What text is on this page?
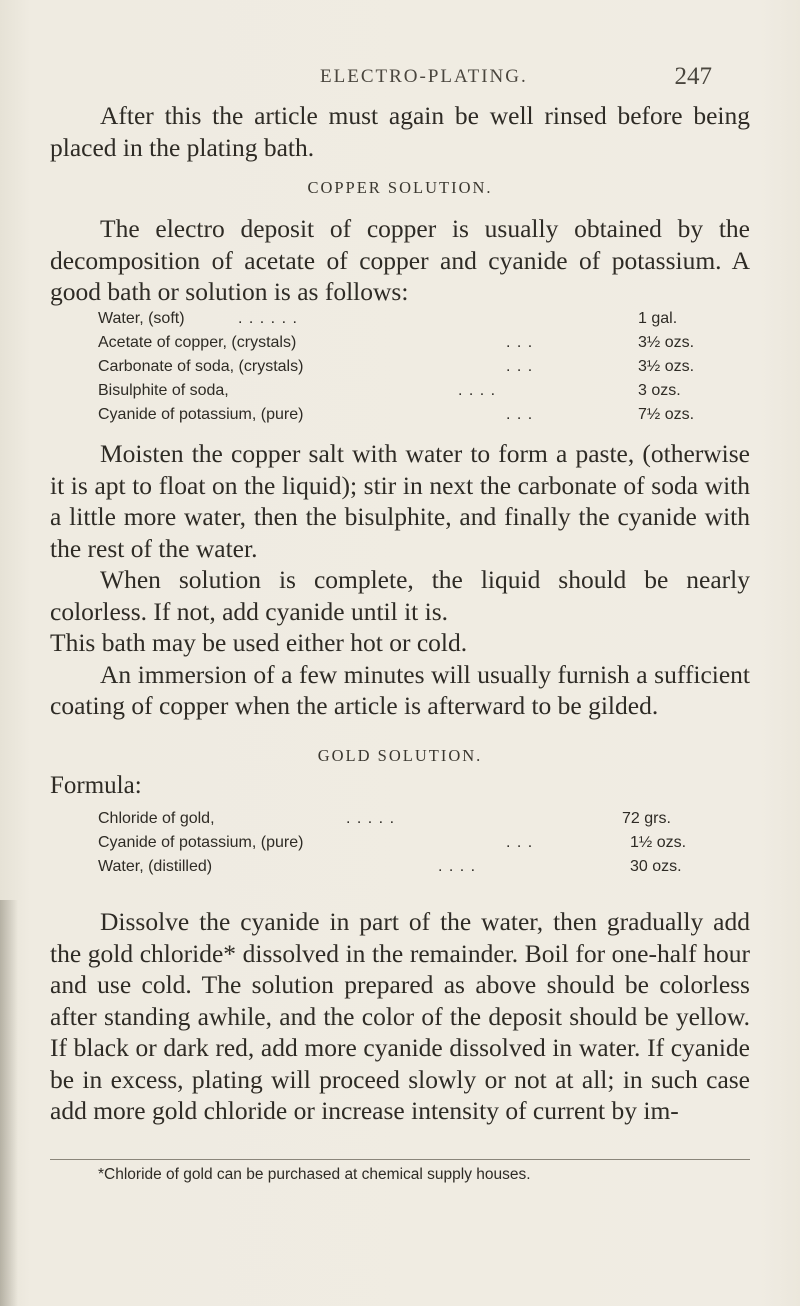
ELECTRO-PLATING.	247

After this the article must again be well rinsed before being placed in the plating bath.

COPPER SOLUTION.

The electro deposit of copper is usually obtained by the decomposition of acetate of copper and cyanide of potassium. A good bath or solution is as follows:

Water, (soft)	. . . . . .	1 gal.
Acetate of copper, (crystals)	. . .	3½ ozs.
Carbonate of soda, (crystals)	. . .	3½ ozs.
Bisulphite of soda,	. . . .	3 ozs.
Cyanide of potassium, (pure)	. . .	7½ ozs.

Moisten the copper salt with water to form a paste, (otherwise it is apt to float on the liquid); stir in next the carbonate of soda with a little more water, then the bisulphite, and finally the cyanide with the rest of the water.

When solution is complete, the liquid should be nearly colorless. If not, add cyanide until it is.

This bath may be used either hot or cold.

An immersion of a few minutes will usually furnish a sufficient coating of copper when the article is afterward to be gilded.

GOLD SOLUTION.
Formula:
Chloride of gold,	. . . . .	72 grs.
Cyanide of potassium, (pure)	. . .	1½ ozs.
Water, (distilled)	. . . .	30 ozs.

Dissolve the cyanide in part of the water, then gradually add the gold chloride* dissolved in the remainder. Boil for one-half hour and use cold. The solution prepared as above should be colorless after standing awhile, and the color of the deposit should be yellow. If black or dark red, add more cyanide dissolved in water. If cyanide be in excess, plating will proceed slowly or not at all; in such case add more gold chloride or increase intensity of current by im-

*Chloride of gold can be purchased at chemical supply houses.
